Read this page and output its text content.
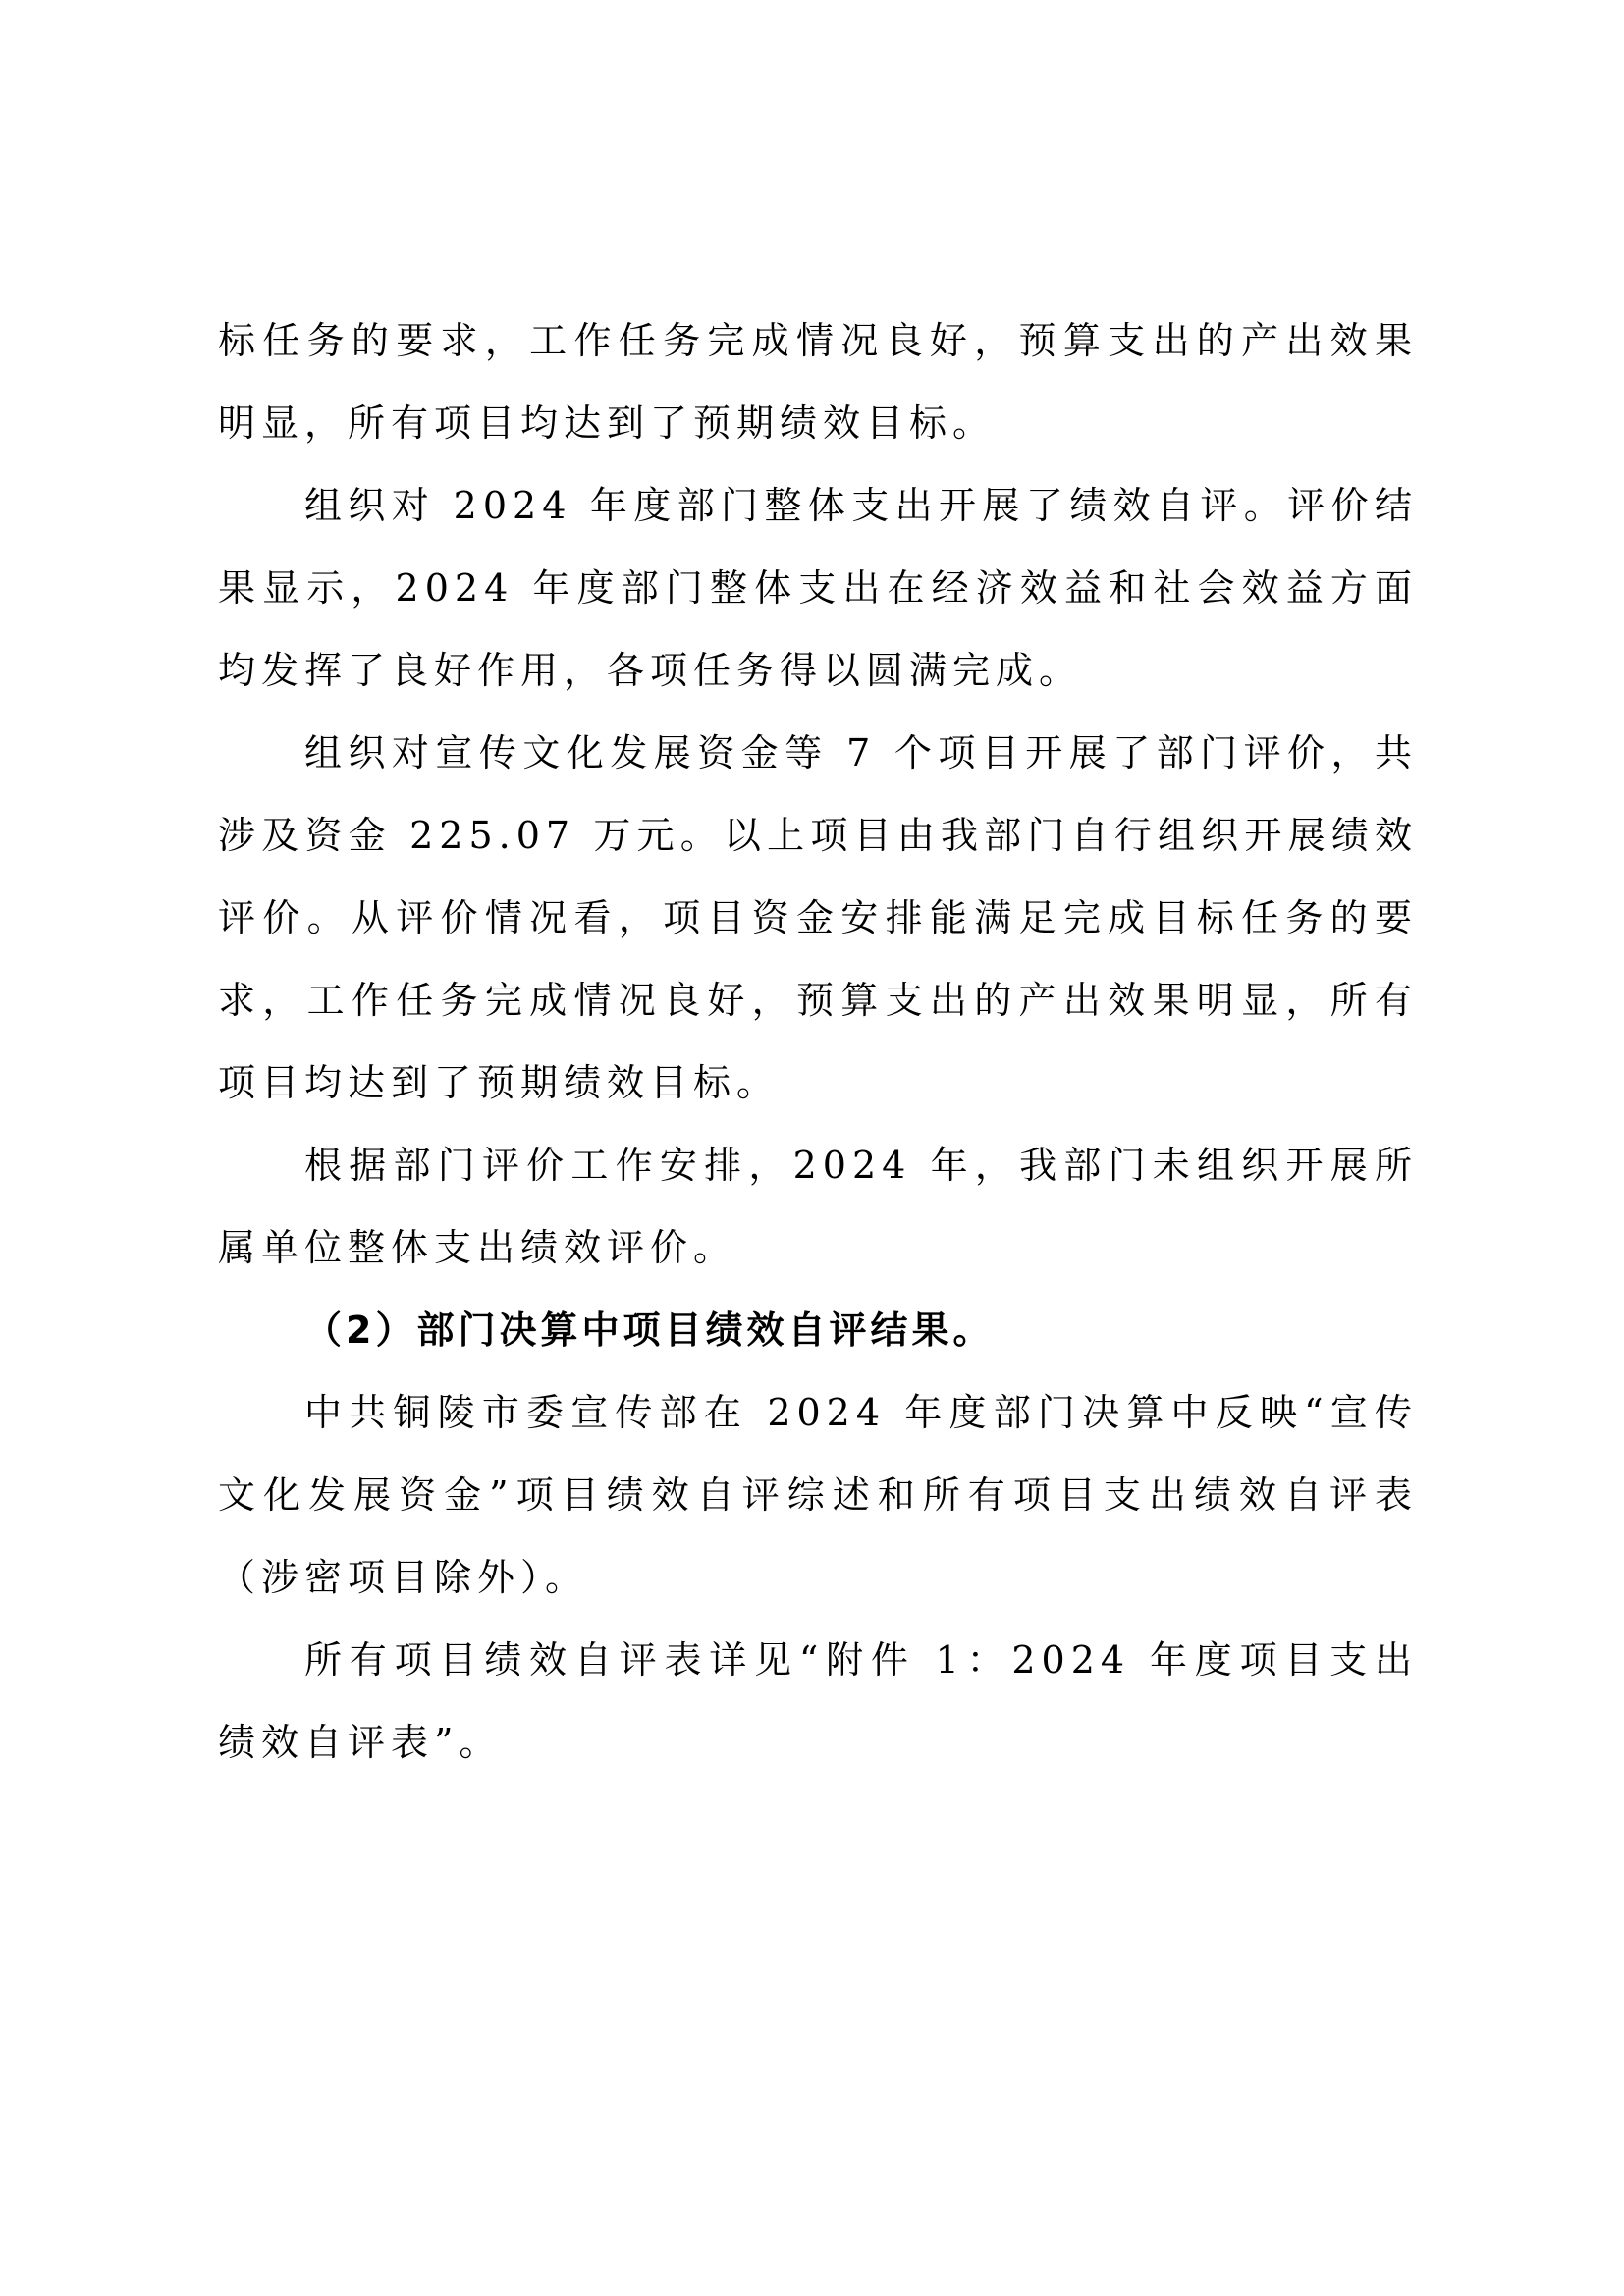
标任务的要求，工作任务完成情况良好，预算支出的产出效果明显，所有项目均达到了预期绩效目标。

组织对 2024 年度部门整体支出开展了绩效自评。评价结果显示，2024 年度部门整体支出在经济效益和社会效益方面均发挥了良好作用，各项任务得以圆满完成。

组织对宣传文化发展资金等 7 个项目开展了部门评价，共涉及资金 225.07 万元。以上项目由我部门自行组织开展绩效评价。从评价情况看，项目资金安排能满足完成目标任务的要求，工作任务完成情况良好，预算支出的产出效果明显，所有项目均达到了预期绩效目标。

根据部门评价工作安排，2024 年，我部门未组织开展所属单位整体支出绩效评价。

（2）部门决算中项目绩效自评结果。

中共铜陵市委宣传部在 2024 年度部门决算中反映“宣传文化发展资金”项目绩效自评综述和所有项目支出绩效自评表（涉密项目除外）。

所有项目绩效自评表详见“附件 1：2024 年度项目支出绩效自评表”。
